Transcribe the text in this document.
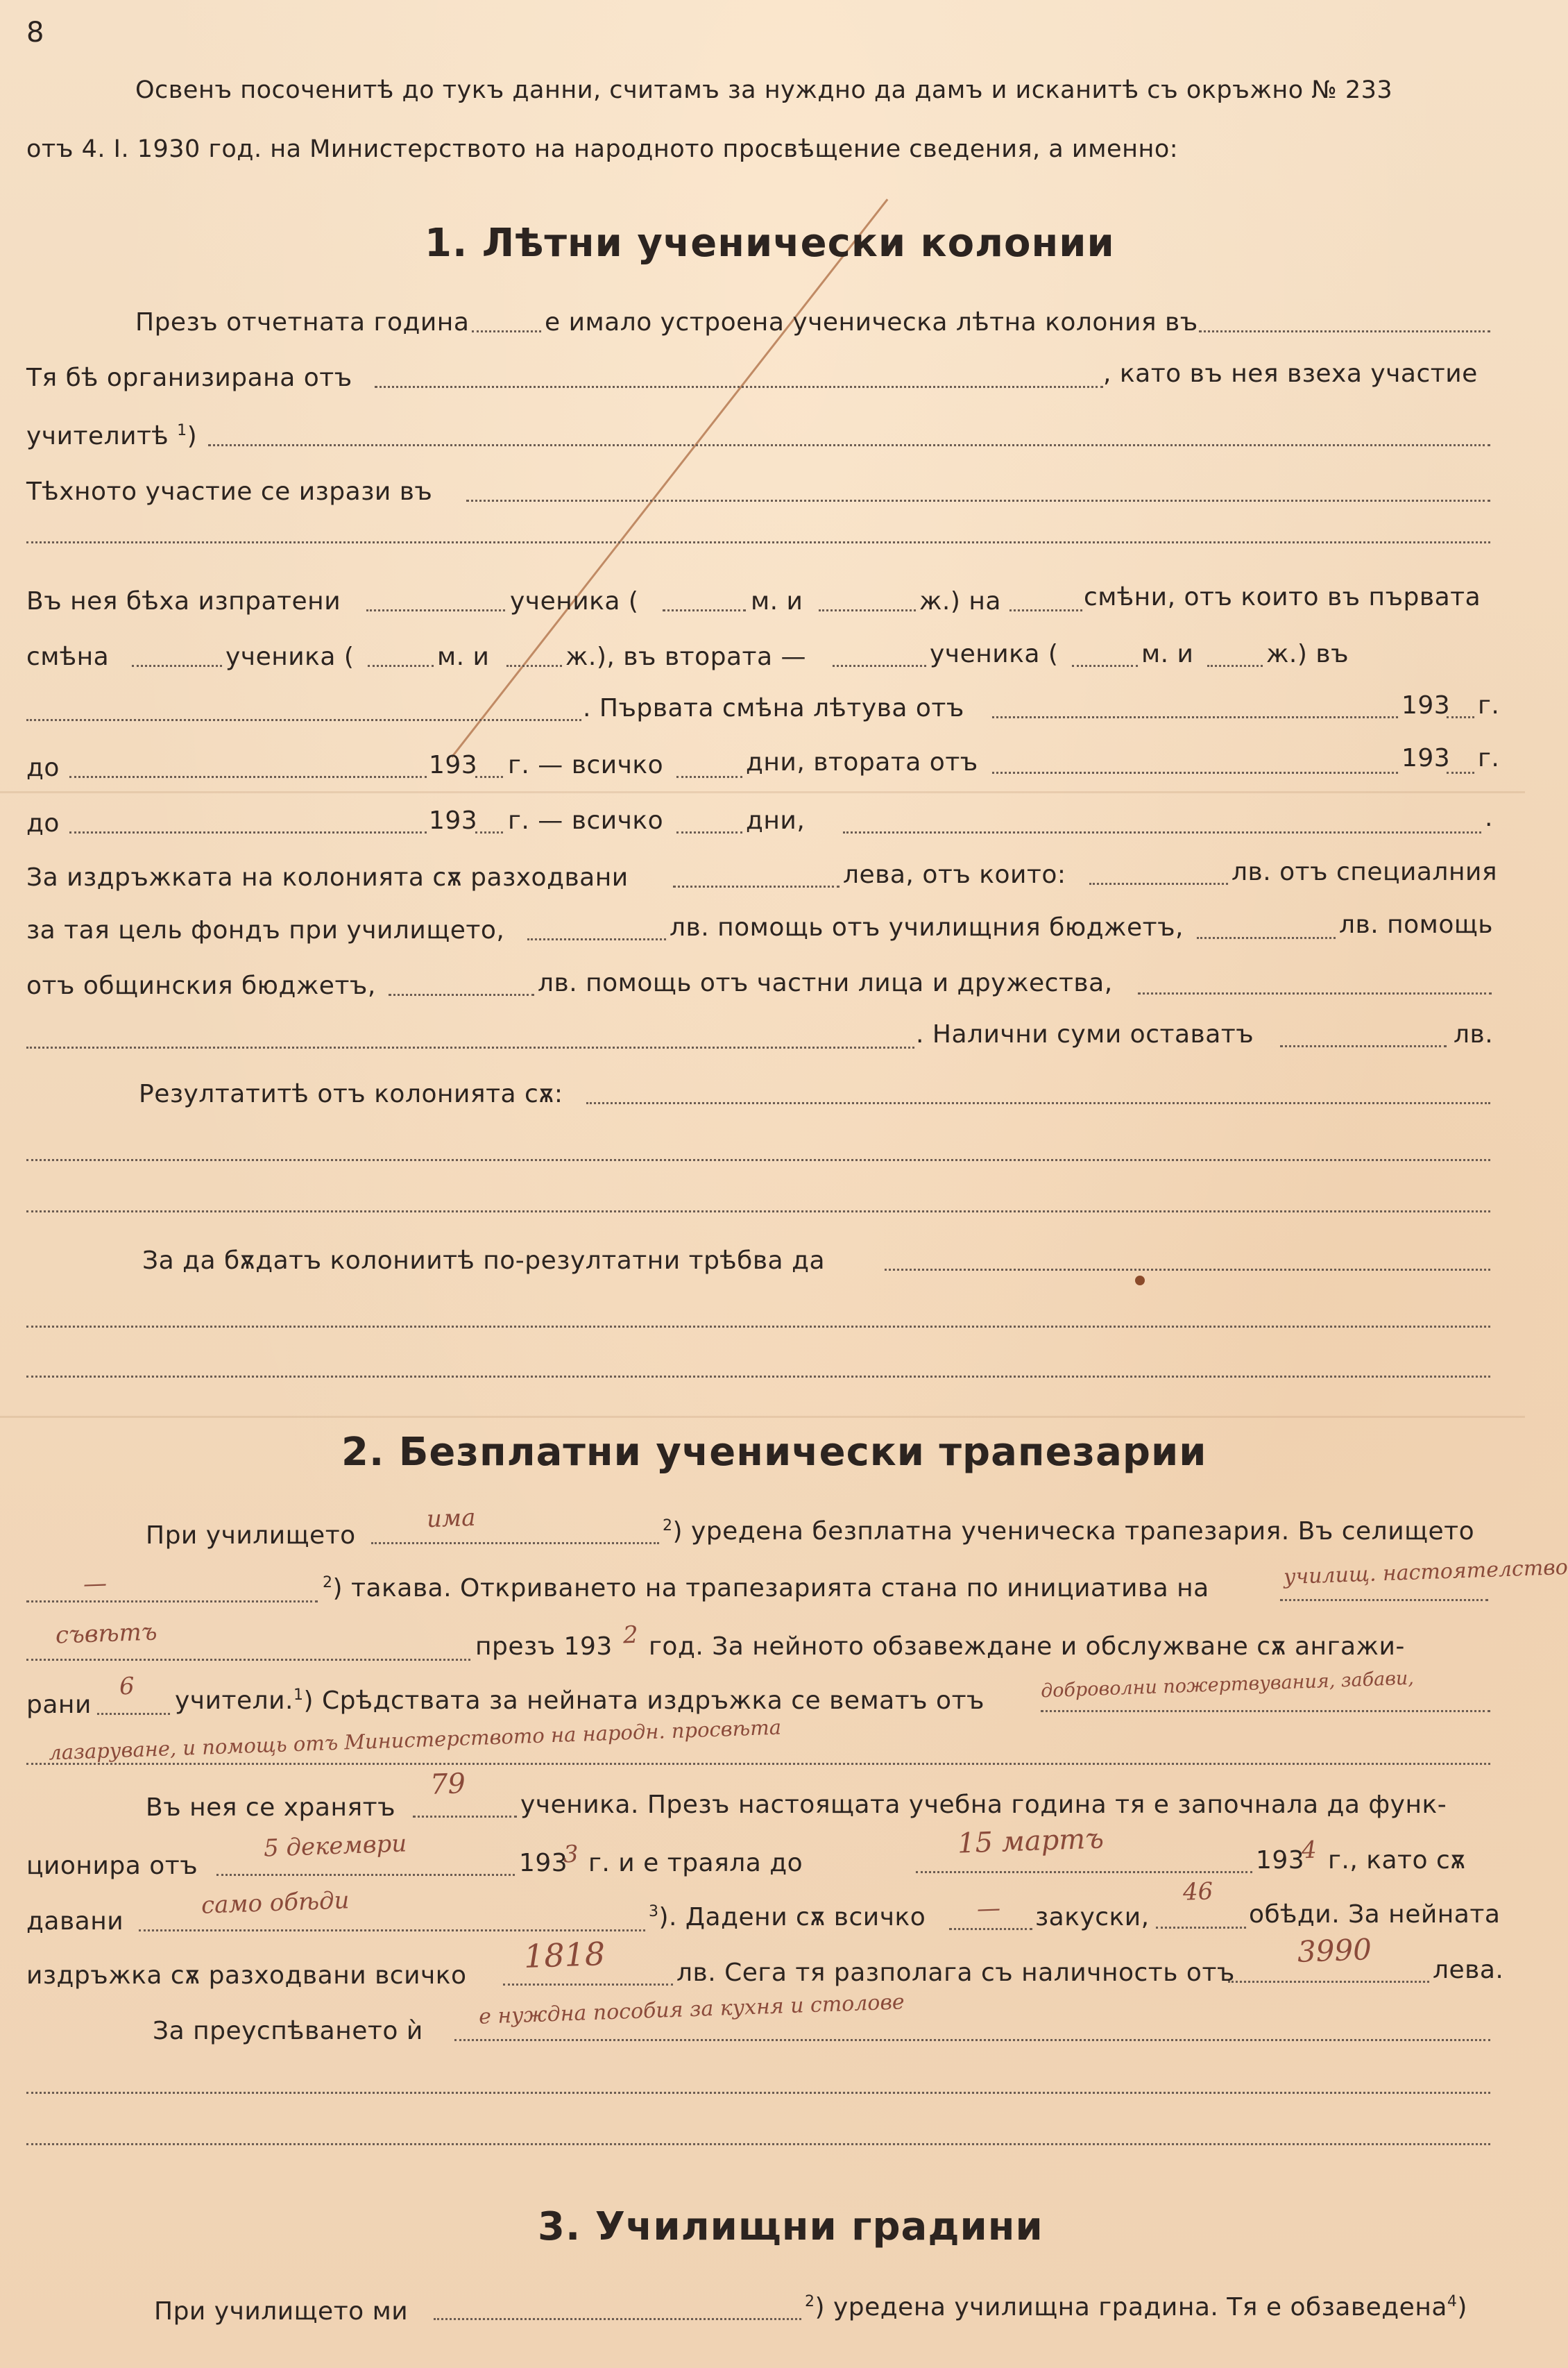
8
Освенъ посоченитѣ до тукъ данни, считамъ за нуждно да дамъ и исканитѣ съ окръжно № 233
отъ 4. I. 1930 год. на Министерството на народното просвѣщение сведения, а именно:
1. Лѣтни ученически колонии
Презъ отчетната година	е имало устроена ученическа лѣтна колония въ
Тя бѣ организирана отъ	, като въ нея взеха участие
учителитѣ $^1$)
Тѣхното участие се изрази въ
Въ нея бѣха изпратени	ученика (	м. и	ж.) на	смѣни, отъ които въ първата
смѣна	ученика (	м. и	ж.), въ втората —	ученика (	м. и	ж.) въ
. Първата смѣна лѣтува отъ	193 г.
до	193 г. — всичко	дни, втората отъ	193 г.
до	193 г. — всичко	дни,	.
За издръжката на колонията сѫ разходвани	лева, отъ които:	лв. отъ специалния
за тая цель фондъ при училището,	лв. помощь отъ училищния бюджетъ,	лв. помощь
отъ общинския бюджетъ,	лв. помощь отъ частни лица и дружества,
. Налични суми оставатъ	лв.
Резултатитѣ отъ колонията сѫ:
За да бѫдатъ колониитѣ по-резултатни трѣбва да
2. Безплатни ученически трапезарии
При училището
има	$^2$) уредена безплатна ученическа трапезария. Въ селището
—	$^2$) такава. Откриването на трапезарията стана по инициатива на	училищ. настоятелство
съвѣтъ	презъ 193 2 год. За нейното обзавеждане и обслужване сѫ ангажи-
рани
6 учители.$^1$) Срѣдствата за нейната издръжка се вематъ отъ	доброволни пожертвувания, забави,
лазаруване, и помощь отъ Министерството на народн. просвѣта
Въ нея се хранятъ
79
ученика. Презъ настоящата учебна година тя е започнала да функ-
ционира отъ
5 декември
193
3 г. и е траяла до
15 мартъ
193
4 г., като сѫ
давани
само обѣди	$^3$). Дадени сѫ всичко — закуски,
46
обѣди. За нейната
издръжка сѫ разходвани всичко
1818	лв. Сега тя разполага съ наличность отъ
3990
лева.
За преуспѣването ѝ
е нуждна пособия за кухня и столове
3. Училищни градини
При училището ми	$^2$) уредена училищна градина. Тя е обзаведена$^4$)
